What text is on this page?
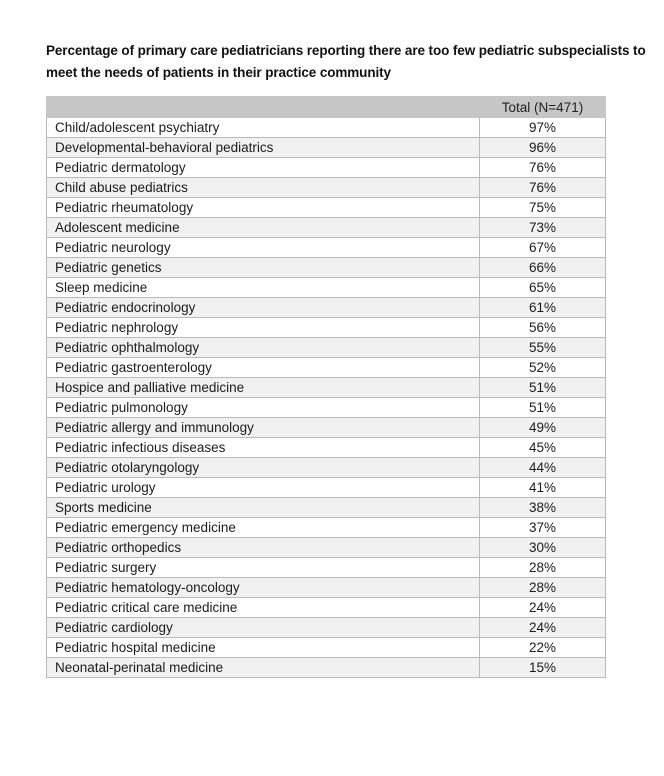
Percentage of primary care pediatricians reporting there are too few pediatric subspecialists to meet the needs of patients in their practice community
	Total (N=471)
Child/adolescent psychiatry	97%
Developmental-behavioral pediatrics	96%
Pediatric dermatology	76%
Child abuse pediatrics	76%
Pediatric rheumatology	75%
Adolescent medicine	73%
Pediatric neurology	67%
Pediatric genetics	66%
Sleep medicine	65%
Pediatric endocrinology	61%
Pediatric nephrology	56%
Pediatric ophthalmology	55%
Pediatric gastroenterology	52%
Hospice and palliative medicine	51%
Pediatric pulmonology	51%
Pediatric allergy and immunology	49%
Pediatric infectious diseases	45%
Pediatric otolaryngology	44%
Pediatric urology	41%
Sports medicine	38%
Pediatric emergency medicine	37%
Pediatric orthopedics	30%
Pediatric surgery	28%
Pediatric hematology-oncology	28%
Pediatric critical care medicine	24%
Pediatric cardiology	24%
Pediatric hospital medicine	22%
Neonatal-perinatal medicine	15%
